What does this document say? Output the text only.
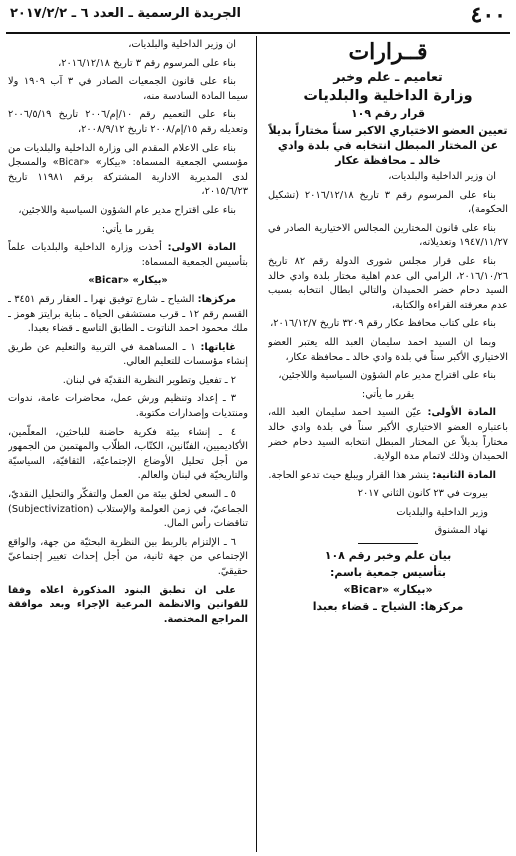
٤٠٠
الجريدة الرسمية ـ العدد ٦ ـ ٢٠١٧/٢/٢
قــرارات
تعاميم ـ علم وخبر
وزارة الداخلية والبلديات
قرار رقم ١٠٩
تعيين العضو الاختياري الاكبر سناً مختاراً بديلاً عن المختار المبطل انتخابه في بلدة وادي خالد ـ محافظة عكار

ان وزير الداخلية والبلديات،

بناء على المرسوم رقم ٣ تاريخ ٢٠١٦/١٢/١٨ (تشكيل الحكومة)،

بناء على قانون المختارين المجالس الاختيارية الصادر في ١٩٤٧/١١/٢٧ وتعديلاته،

بناء على قرار مجلس شورى الدولة رقم ٨٢ تاريخ ٢٠١٦/١٠/٢٦، الرامي الى عدم اهلية مختار بلدة وادي خالد السيد دحام خضر الحميدان والتالي ابطال انتخابه بسبب عدم معرفته القراءة والكتابة،

بناء على كتاب محافظ عكار رقم ٣٢٠٩ تاريخ ٢٠١٦/١٢/٧،

وبما ان السيد احمد سليمان العبد الله يعتبر العضو الاختياري الأكبر سناً في بلدة وادي خالد ـ محافظة عكار،

بناء على اقتراح مدير عام الشؤون السياسية واللاجئين،

يقرر ما يأتي:

المادة الأولى: عيّن السيد احمد سليمان العبد الله، باعتباره العضو الاختياري الأكبر سناً في بلدة وادي خالد مختاراً بديلاً عن المختار المبطل انتخابه السيد دحام خضر الحميدان وذلك لاتمام مدة الولاية.

المادة الثانية: ينشر هذا القرار ويبلغ حيث تدعو الحاجة.

بيروت في ٢٣ كانون الثاني ٢٠١٧

وزير الداخلية والبلديات

نهاد المشنوق

بيان علم وخبر رقم ١٠٨
بتأسيس جمعية باسم:
«بيكار» «Bicar»
مركزها: الشياح ـ قضاء بعبدا

ان وزير الداخلية والبلديات،

بناء على المرسوم رقم ٣ تاريخ ٢٠١٦/١٢/١٨،

بناء على قانون الجمعيات الصادر في ٣ آب ١٩٠٩ ولا سيما المادة السادسة منه،

بناء على التعميم رقم ١٠/إم/٢٠٠٦ تاريخ ٢٠٠٦/٥/١٩ وتعديله رقم ١٥/إم/٢٠٠٨ تاريخ ٢٠٠٨/٩/١٢،

بناء على الاعلام المقدم الى وزارة الداخلية والبلديات من مؤسسي الجمعية المسماة: «بيكار» «Bicar» والمسجل لدى المديرية الادارية المشتركة برقم ١١٩٨١ تاريخ ٢٠١٥/٦/٢٣،

بناء على اقتراح مدير عام الشؤون السياسية واللاجئين،

يقرر ما يأتي:

المادة الاولى: أخذت وزارة الداخلية والبلديات علماً بتأسيس الجمعية المسماة:

«بيكار» «Bicar»

مركزها: الشياح ـ شارع توفيق نهرا ـ العقار رقم ٣٤٥١ ـ القسم رقم ١٢ ـ قرب مستشفى الحياة ـ بناية برايتز هومز ـ ملك محمود احمد الناتوت ـ الطابق التاسع ـ قضاء بعبدا.

غاياتها: ١ ـ المساهمة في التربية والتعليم عن طريق إنشاء مؤسسات للتعليم العالي.

٢ ـ تفعيل وتطوير النظرية النقديّة في لبنان.

٣ ـ إعداد وتنظيم ورش عمل، محاضرات عامة، ندوات ومنتديات وإصدارات مكتوبة.

٤ ـ إنشاء بيئة فكرية حاضنة للباحثين، المعلّمين، الأكاديميين، الفنّانين، الكتّاب، الطلّاب والمهتمين من الجمهور من أجل تحليل الأوضاع الإجتماعيّة، الثقافيّة، السياسيّة والتاريخيّة في لبنان والعالم.

٥ ـ السعي لخلق بيئة من العمل والتفكّر والتحليل النقديّ، الجماعيّ، في زمن العولمة والإستلاب (Subjectivization) تناقضات رأس المال.

٦ ـ الإلتزام بالربط بين النظرية البحثيّة من جهة، والواقع الإجتماعي من جهة ثانية، من أجل إحداث تغيير إجتماعيّ حقيقيّ.

على ان تطبق البنود المذكورة اعلاه وفقا للقوانين والانظمة المرعية الإجراء وبعد موافقة المراجع المختصة.
